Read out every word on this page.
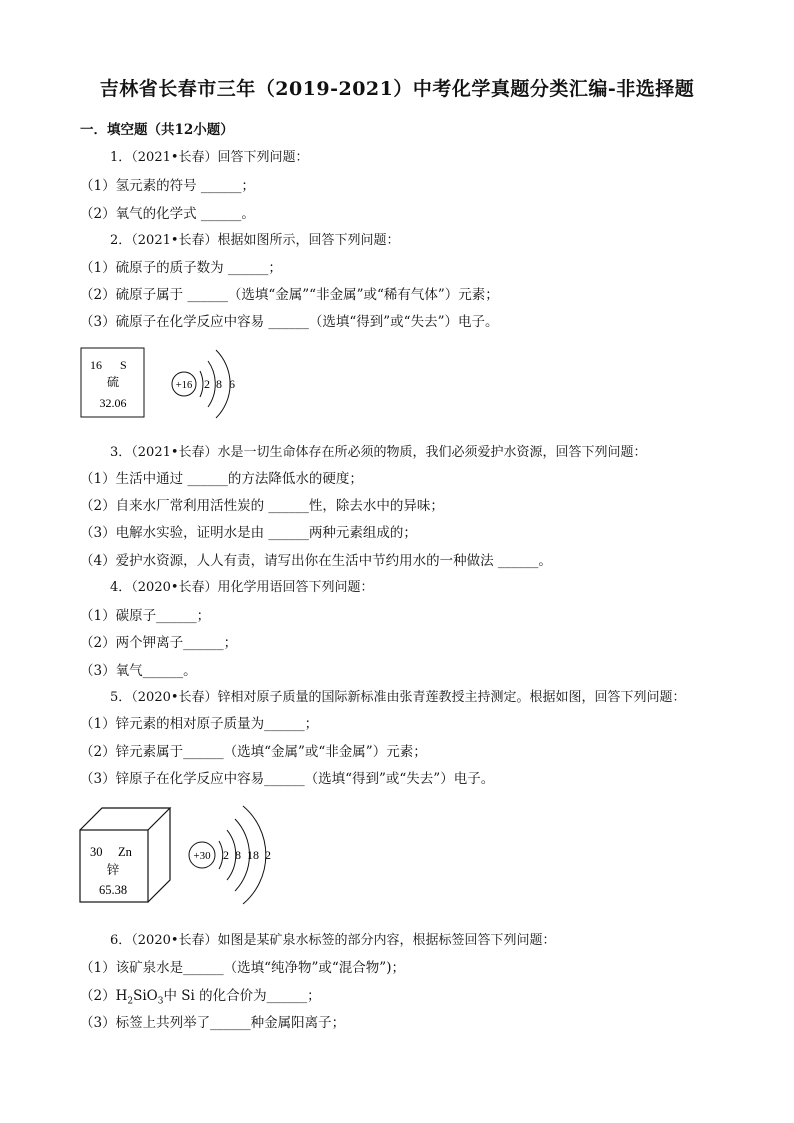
吉林省长春市三年（2019-2021）中考化学真题分类汇编-非选择题
一．填空题（共12小题）
1．（2021•长春）回答下列问题：
（1）氢元素的符号 ______；
（2）氧气的化学式 ______。
2．（2021•长春）根据如图所示，回答下列问题：
（1）硫原子的质子数为 ______；
（2）硫原子属于 ______（选填“金属”“非金属”或“稀有气体”）元素；
（3）硫原子在化学反应中容易 ______（选填“得到”或“失去”）电子。
16 S
硫
32.06
+16 2 8 6
3．（2021•长春）水是一切生命体存在所必须的物质，我们必须爱护水资源，回答下列问题：
（1）生活中通过 ______的方法降低水的硬度；
（2）自来水厂常利用活性炭的 ______性，除去水中的异味；
（3）电解水实验，证明水是由 ______两种元素组成的；
（4）爱护水资源，人人有责，请写出你在生活中节约用水的一种做法 ______。
4．（2020•长春）用化学用语回答下列问题：
（1）碳原子______；
（2）两个钾离子______；
（3）氧气______。
5．（2020•长春）锌相对原子质量的国际新标准由张青莲教授主持测定。根据如图，回答下列问题：
（1）锌元素的相对原子质量为______；
（2）锌元素属于______（选填“金属”或“非金属”）元素；
（3）锌原子在化学反应中容易______（选填“得到”或“失去”）电子。
30 Zn
锌
65.38
+30 2 8 18 2
6．（2020•长春）如图是某矿泉水标签的部分内容，根据标签回答下列问题：
（1）该矿泉水是______（选填“纯净物”或“混合物”)；
$(2)H_2SiO_3$中 Si 的化合价为______；
（3）标签上共列举了______种金属阳离子；
